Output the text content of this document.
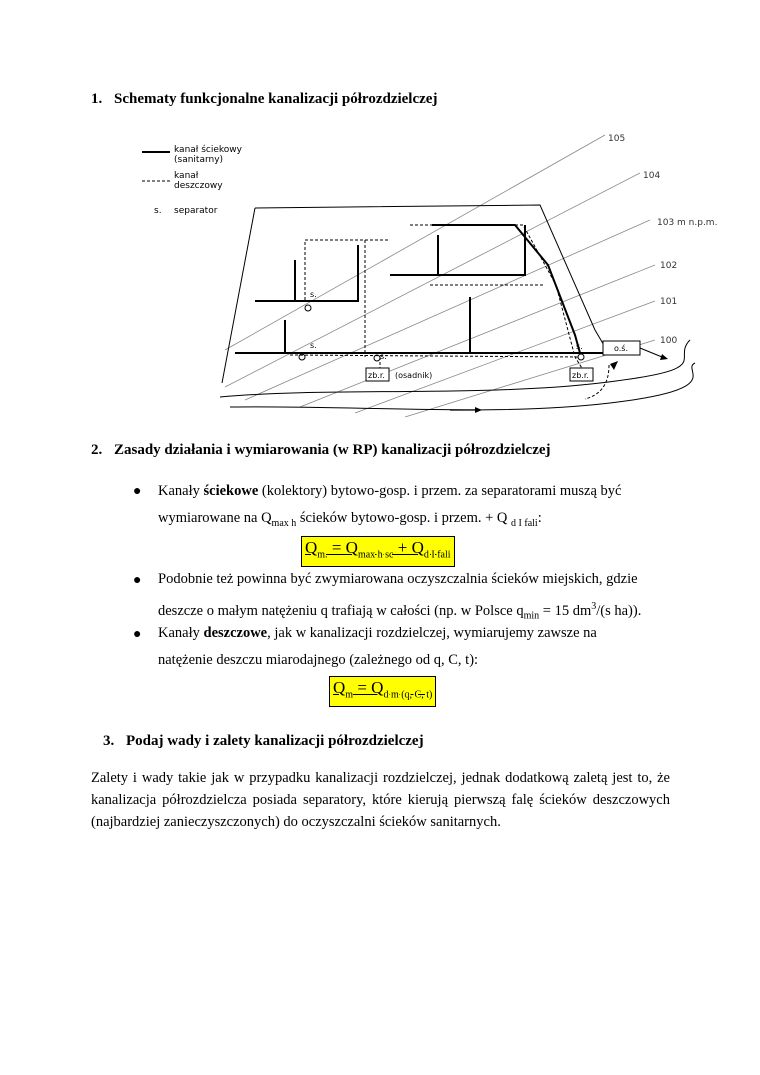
1. Schematy funkcjonalne kanalizacji półrozdzielczej
kanał ściekowy
(sanitarny)
kanał
deszczowy
s. separator
105
104
103 m n.p.m.
102
101
100
s.
s.
s.
s.
zb.r. (osadnik)	zb.r.
o.ś.
2. Zasady działania i wymiarowania (w RP) kanalizacji półrozdzielczej
● Kanały ściekowe (kolektory) bytowo-gosp. i przem. za separatorami muszą być
wymiarowane na $Q_{max h}$ ścieków bytowo-gosp. i przem. + Q $_{d I fali}$:
$Q_{m.} = Q_{max h sc} + Q_{d I fali}$
● Podobnie też powinna być zwymiarowana oczyszczalnia ścieków miejskich, gdzie
deszcze o małym natężeniu q trafiają w całości (np. w Polsce $q_{min} = 15$ $dm^3/(s$ ha)).
● Kanały deszczowe, jak w kanalizacji rozdzielczej, wymiarujemy zawsze na
natężenie deszczu miarodajnego (zależnego od q, C, t):
$Q_m = Q_{d m (q, C, t)}$
3. Podaj wady i zalety kanalizacji półrozdzielczej
Zalety i wady takie jak w przypadku kanalizacji rozdzielczej, jednak dodatkową zaletą jest to, że kanalizacja półrozdzielcza posiada separatory, które kierują pierwszą falę ścieków deszczowych (najbardziej zanieczyszczonych) do oczyszczalni ścieków sanitarnych.
